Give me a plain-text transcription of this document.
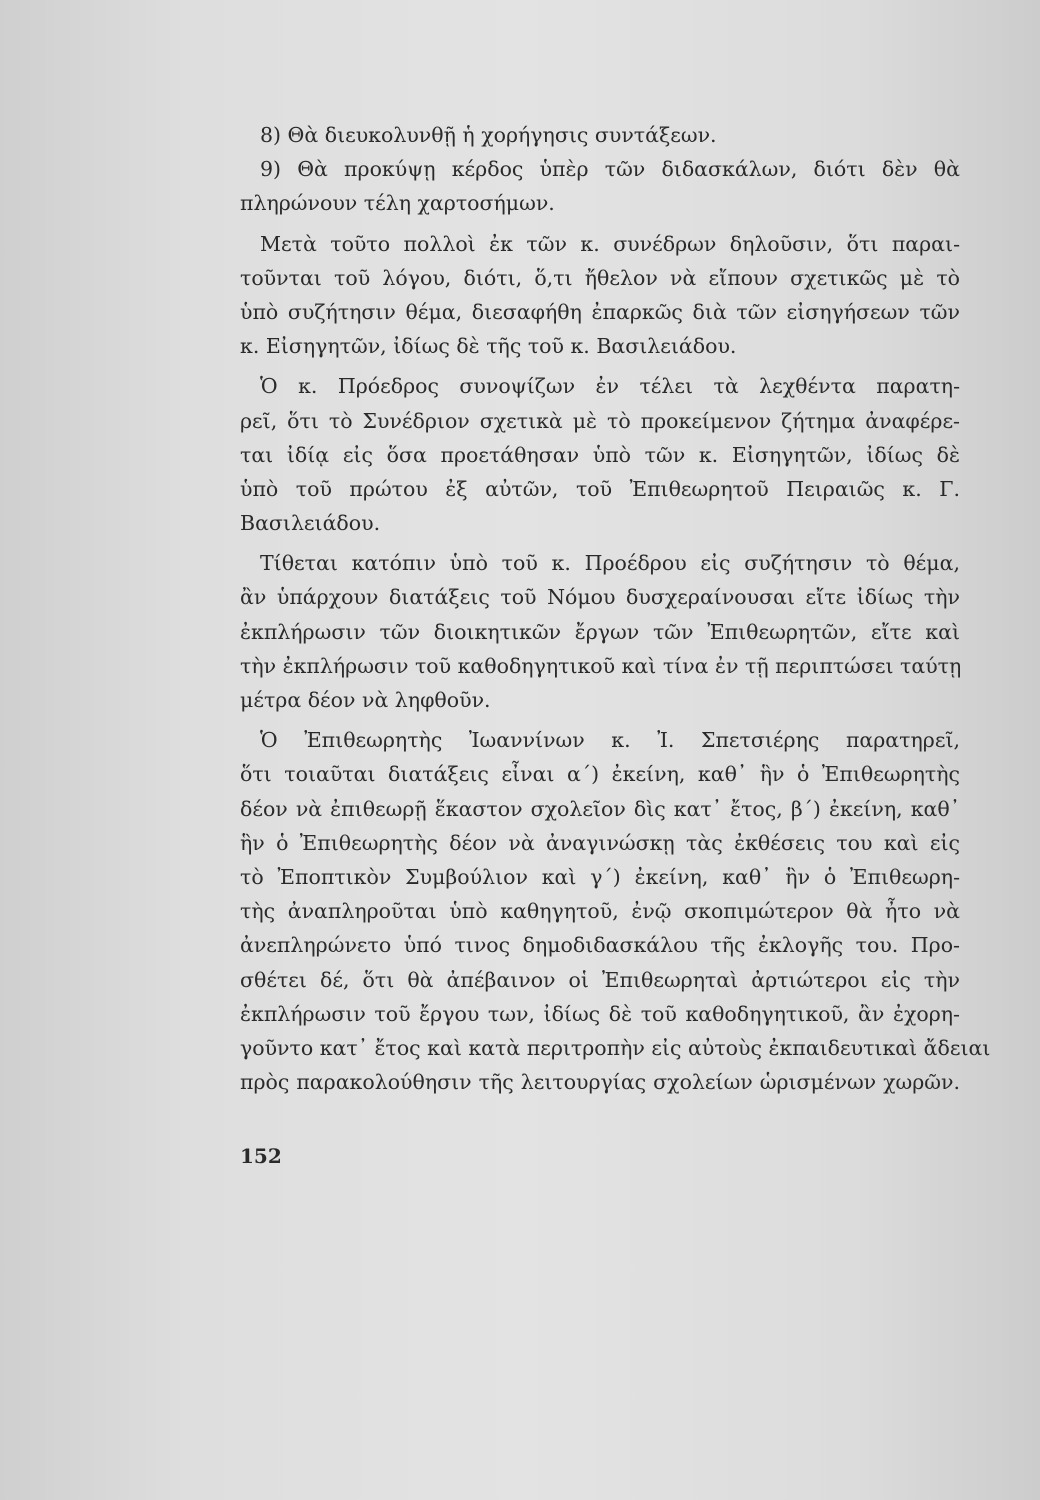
8) Θὰ διευκολυνθῇ ἡ χορήγησις συντάξεων.
9) Θὰ προκύψῃ κέρδος ὑπὲρ τῶν διδασκάλων, διότι δὲν θὰ
πληρώνουν τέλη χαρτοσήμων.
Μετὰ τοῦτο πολλοὶ ἐκ τῶν κ. συνέδρων δηλοῦσιν, ὅτι παραι-
τοῦνται τοῦ λόγου, διότι, ὅ,τι ἤθελον νὰ εἴπουν σχετικῶς μὲ τὸ
ὑπὸ συζήτησιν θέμα, διεσαφήθη ἐπαρκῶς διὰ τῶν εἰσηγήσεων τῶν
κ. Εἰσηγητῶν, ἰδίως δὲ τῆς τοῦ κ. Βασιλειάδου.
Ὁ κ. Πρόεδρος συνοψίζων ἐν τέλει τὰ λεχθέντα παρατη-
ρεῖ, ὅτι τὸ Συνέδριον σχετικὰ μὲ τὸ προκείμενον ζήτημα ἀναφέρε-
ται ἰδίᾳ εἰς ὅσα προετάθησαν ὑπὸ τῶν κ. Εἰσηγητῶν, ἰδίως δὲ
ὑπὸ τοῦ πρώτου ἐξ αὐτῶν, τοῦ Ἐπιθεωρητοῦ Πειραιῶς κ. Γ.
Βασιλειάδου.
Τίθεται κατόπιν ὑπὸ τοῦ κ. Προέδρου εἰς συζήτησιν τὸ θέμα,
ἂν ὑπάρχουν διατάξεις τοῦ Νόμου δυσχεραίνουσαι εἴτε ἰδίως τὴν
ἐκπλήρωσιν τῶν διοικητικῶν ἔργων τῶν Ἐπιθεωρητῶν, εἴτε καὶ
τὴν ἐκπλήρωσιν τοῦ καθοδηγητικοῦ καὶ τίνα ἐν τῇ περιπτώσει ταύτῃ
μέτρα δέον νὰ ληφθοῦν.
Ὁ Ἐπιθεωρητὴς Ἰωαννίνων κ. Ἰ. Σπετσιέρης παρατηρεῖ,
ὅτι τοιαῦται διατάξεις εἶναι α΄) ἐκείνη, καθ᾽ ἣν ὁ Ἐπιθεωρητὴς
δέον νὰ ἐπιθεωρῇ ἕκαστον σχολεῖον δὶς κατ᾽ ἔτος, β΄) ἐκείνη, καθ᾽
ἣν ὁ Ἐπιθεωρητὴς δέον νὰ ἀναγινώσκῃ τὰς ἐκθέσεις του καὶ εἰς
τὸ Ἐποπτικὸν Συμβούλιον καὶ γ΄) ἐκείνη, καθ᾽ ἣν ὁ Ἐπιθεωρη-
τὴς ἀναπληροῦται ὑπὸ καθηγητοῦ, ἐνῷ σκοπιμώτερον θὰ ἦτο νὰ
ἀνεπληρώνετο ὑπό τινος δημοδιδασκάλου τῆς ἐκλογῆς του. Προ-
σθέτει δέ, ὅτι θὰ ἀπέβαινον οἱ Ἐπιθεωρηταὶ ἀρτιώτεροι εἰς τὴν
ἐκπλήρωσιν τοῦ ἔργου των, ἰδίως δὲ τοῦ καθοδηγητικοῦ, ἂν ἐχορη-
γοῦντο κατ᾽ ἔτος καὶ κατὰ περιτροπὴν εἰς αὐτοὺς ἐκπαιδευτικαὶ ἄδειαι
πρὸς παρακολούθησιν τῆς λειτουργίας σχολείων ὡρισμένων χωρῶν.
152
